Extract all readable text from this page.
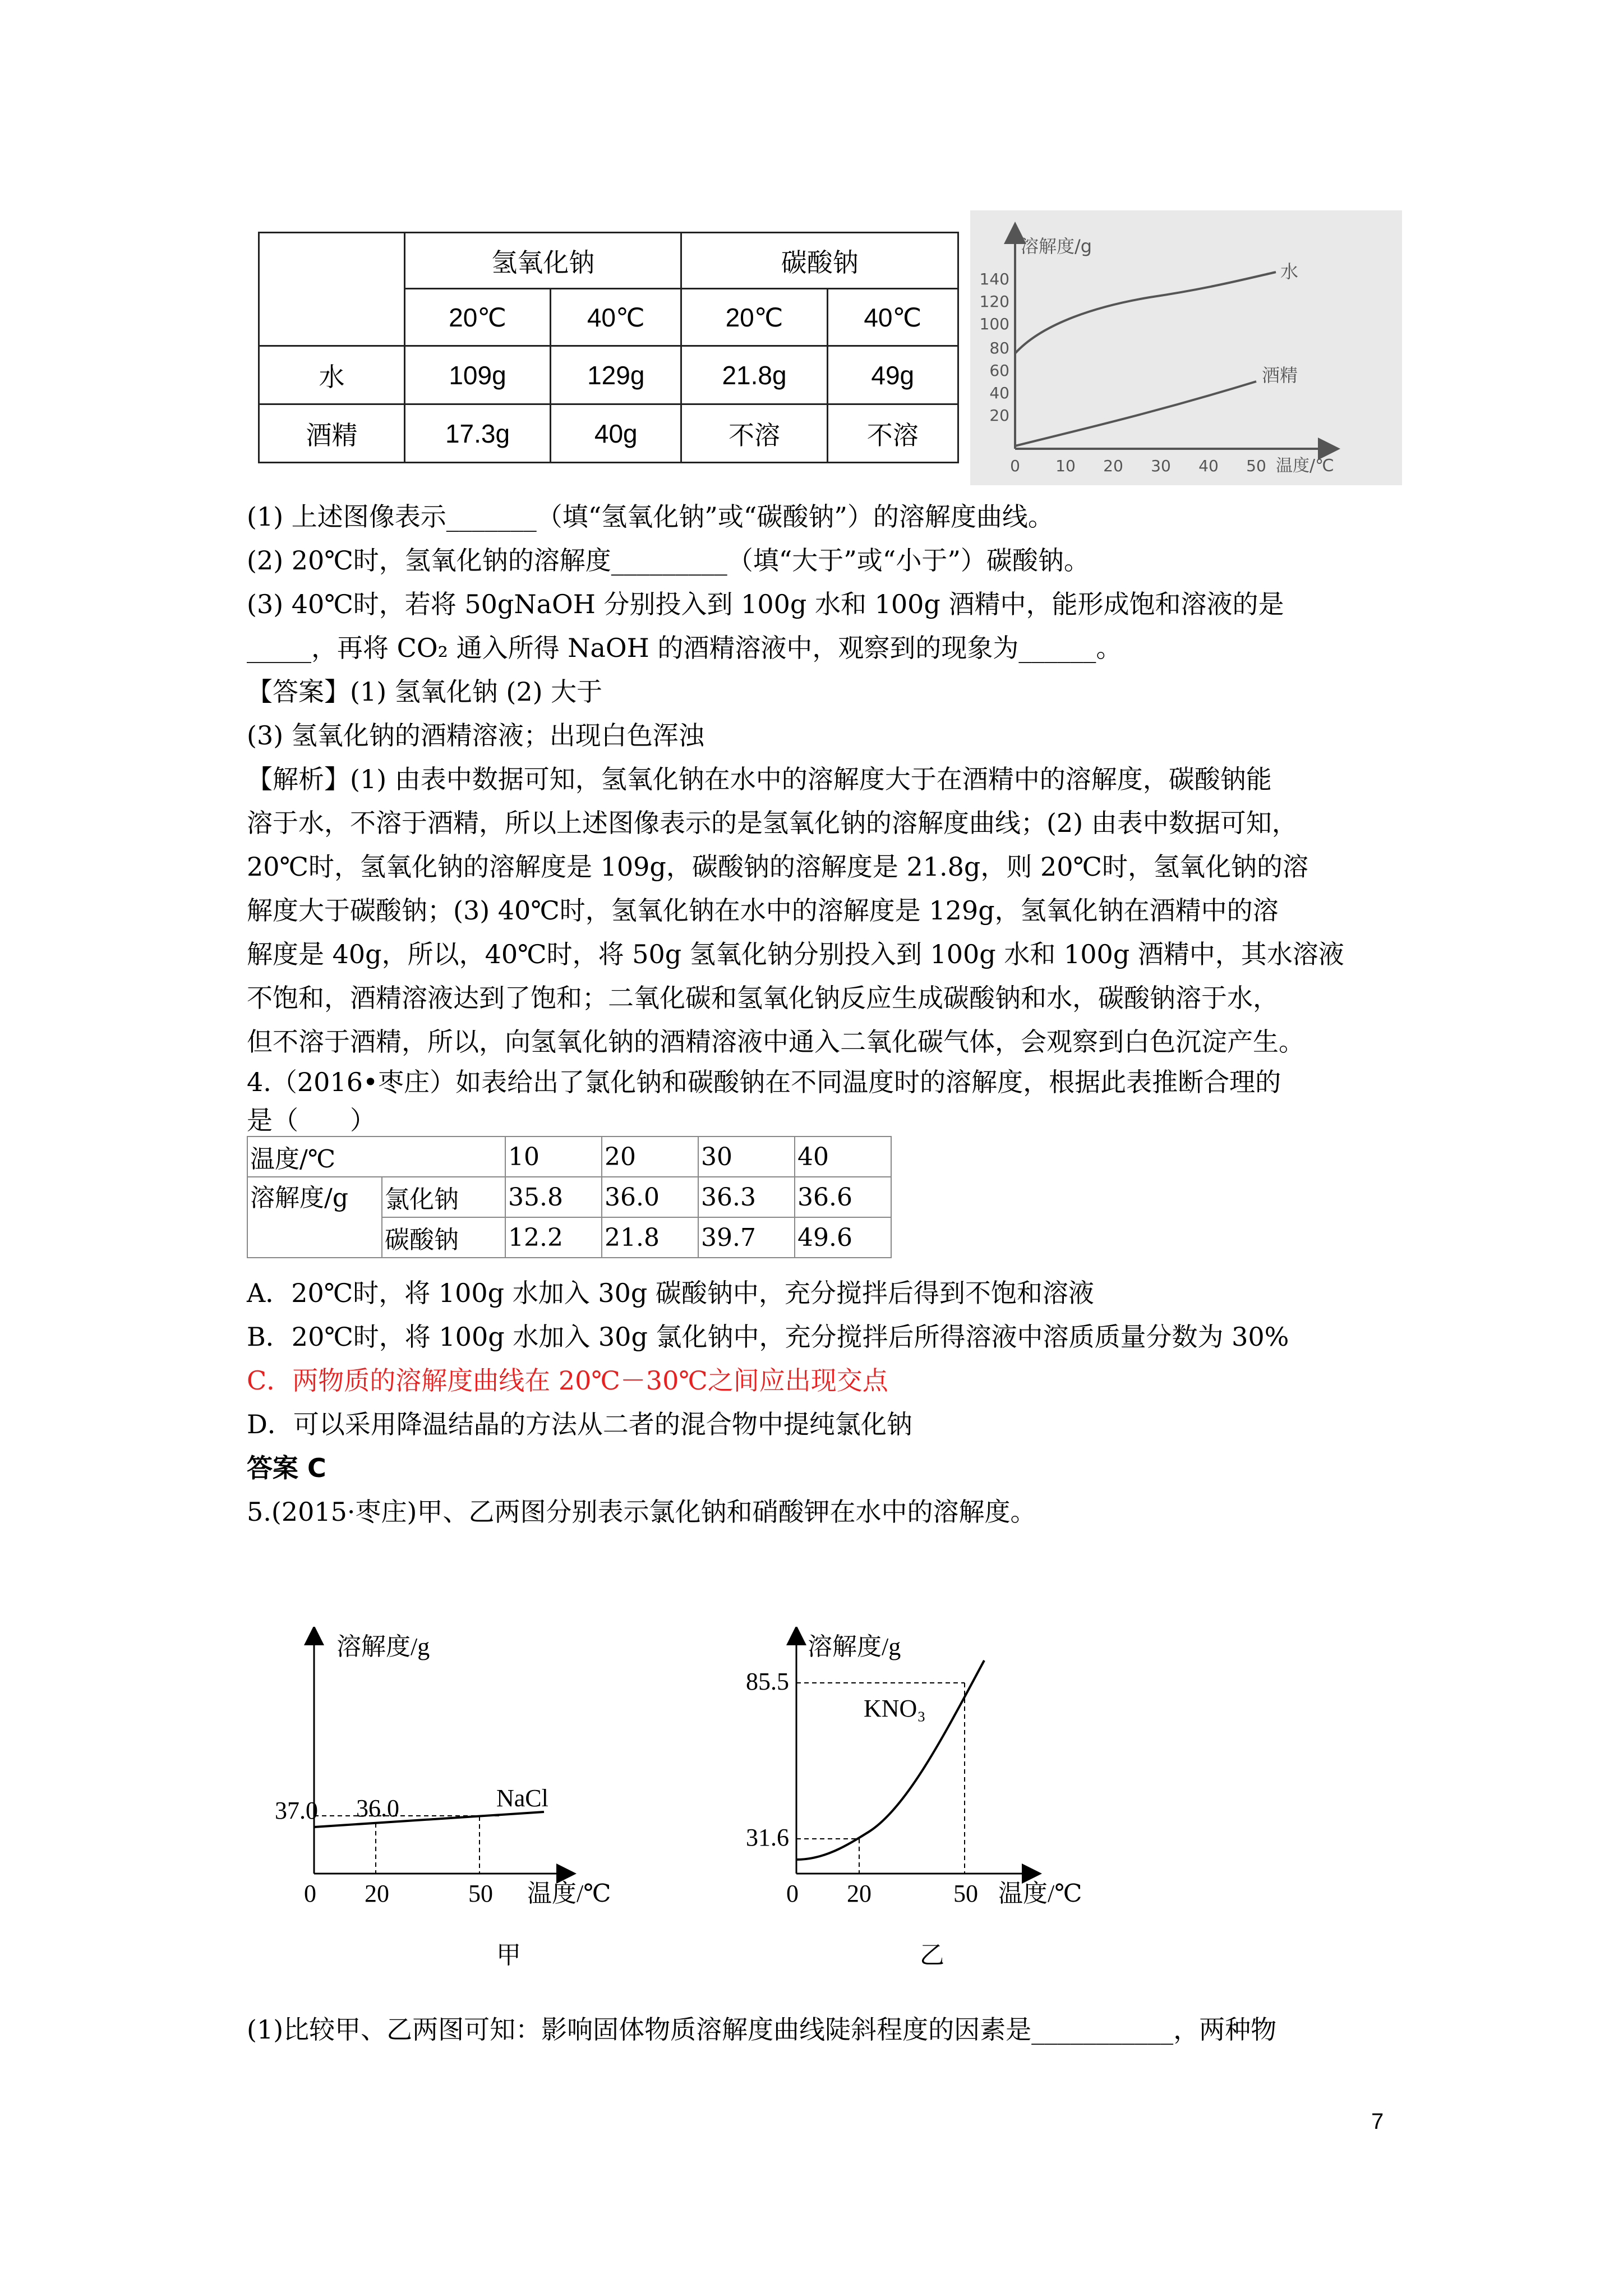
	氢氧化钠		碳酸钠	
	20℃	40℃	20℃	40℃
水	109g	129g	21.8g	49g
酒精	17.3g	40g	不溶	不溶
溶解度/g
140
120
100
80
60
40
20
0 10 20 30 40 50 温度/℃
水
酒精
(1) 上述图像表示_______（填“氢氧化钠”或“碳酸钠”）的溶解度曲线。
(2) 20℃时，氢氧化钠的溶解度_________（填“大于”或“小于”）碳酸钠。
(3) 40℃时，若将 50gNaOH 分别投入到 100g 水和 100g 酒精中，能形成饱和溶液的是
_____，再将 CO₂ 通入所得 NaOH 的酒精溶液中，观察到的现象为______。
【答案】(1) 氢氧化钠 (2) 大于
(3) 氢氧化钠的酒精溶液；出现白色浑浊
【解析】(1) 由表中数据可知，氢氧化钠在水中的溶解度大于在酒精中的溶解度，碳酸钠能
溶于水，不溶于酒精，所以上述图像表示的是氢氧化钠的溶解度曲线；(2) 由表中数据可知，
20℃时，氢氧化钠的溶解度是 109g，碳酸钠的溶解度是 21.8g，则 20℃时，氢氧化钠的溶
解度大于碳酸钠；(3) 40℃时，氢氧化钠在水中的溶解度是 129g，氢氧化钠在酒精中的溶
解度是 40g，所以，40℃时，将 50g 氢氧化钠分别投入到 100g 水和 100g 酒精中，其水溶液
不饱和，酒精溶液达到了饱和；二氧化碳和氢氧化钠反应生成碳酸钠和水，碳酸钠溶于水，
但不溶于酒精，所以，向氢氧化钠的酒精溶液中通入二氧化碳气体，会观察到白色沉淀产生。
4.（2016•枣庄）如表给出了氯化钠和碳酸钠在不同温度时的溶解度，根据此表推断合理的
是（　　）
温度/℃		10	20	30	40
溶解度/g	氯化钠	35.8	36.0	36.3	36.6
	碳酸钠	12.2	21.8	39.7	49.6
A．20℃时，将 100g 水加入 30g 碳酸钠中，充分搅拌后得到不饱和溶液
B．20℃时，将 100g 水加入 30g 氯化钠中，充分搅拌后所得溶液中溶质质量分数为 30%
C．两物质的溶解度曲线在 20℃－30℃之间应出现交点
D．可以采用降温结晶的方法从二者的混合物中提纯氯化钠
答案 C
5.(2015·枣庄)甲、乙两图分别表示氯化钠和硝酸钾在水中的溶解度。
溶解度/g
37.0 36.0	NaCl
0 20	50 温度/℃
甲
溶解度/g
85.5
31.6
KNO₃
0 20	50 温度/℃
乙
(1)比较甲、乙两图可知：影响固体物质溶解度曲线陡斜程度的因素是___________，两种物
7
